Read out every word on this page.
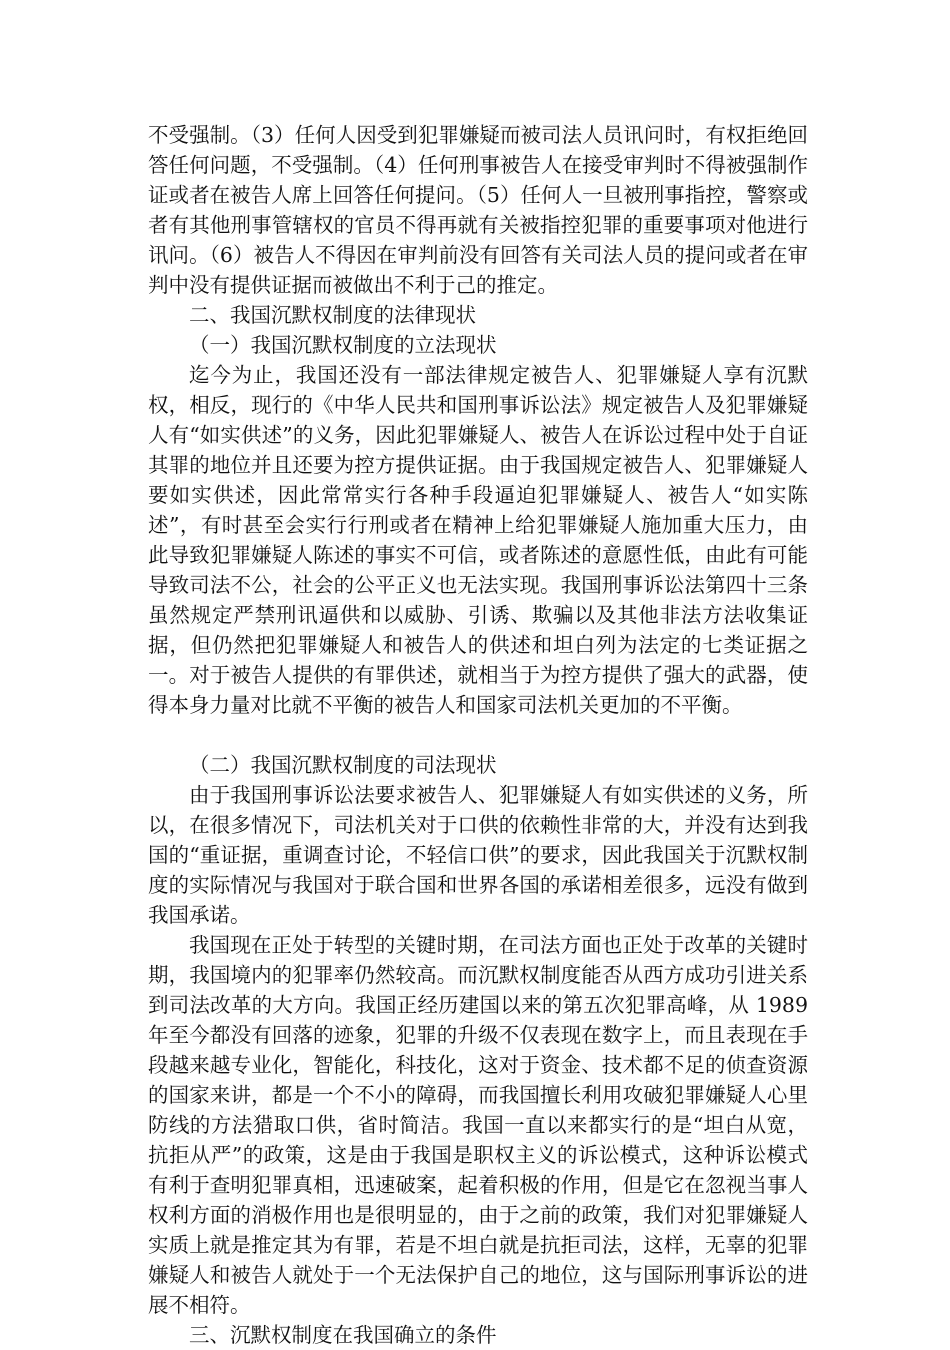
不受强制。（3）任何人因受到犯罪嫌疑而被司法人员讯问时，有权拒绝回答任何问题，不受强制。（4）任何刑事被告人在接受审判时不得被强制作证或者在被告人席上回答任何提问。（5）任何人一旦被刑事指控，警察或者有其他刑事管辖权的官员不得再就有关被指控犯罪的重要事项对他进行讯问。（6）被告人不得因在审判前没有回答有关司法人员的提问或者在审判中没有提供证据而被做出不利于己的推定。

二、我国沉默权制度的法律现状

（一）我国沉默权制度的立法现状

迄今为止，我国还没有一部法律规定被告人、犯罪嫌疑人享有沉默权，相反，现行的《中华人民共和国刑事诉讼法》规定被告人及犯罪嫌疑人有“如实供述”的义务，因此犯罪嫌疑人、被告人在诉讼过程中处于自证其罪的地位并且还要为控方提供证据。由于我国规定被告人、犯罪嫌疑人要如实供述，因此常常实行各种手段逼迫犯罪嫌疑人、被告人“如实陈述”，有时甚至会实行行刑或者在精神上给犯罪嫌疑人施加重大压力，由此导致犯罪嫌疑人陈述的事实不可信，或者陈述的意愿性低，由此有可能导致司法不公，社会的公平正义也无法实现。我国刑事诉讼法第四十三条虽然规定严禁刑讯逼供和以威胁、引诱、欺骗以及其他非法方法收集证据，但仍然把犯罪嫌疑人和被告人的供述和坦白列为法定的七类证据之一。对于被告人提供的有罪供述，就相当于为控方提供了强大的武器，使得本身力量对比就不平衡的被告人和国家司法机关更加的不平衡。

（二）我国沉默权制度的司法现状

由于我国刑事诉讼法要求被告人、犯罪嫌疑人有如实供述的义务，所以，在很多情况下，司法机关对于口供的依赖性非常的大，并没有达到我国的“重证据，重调查讨论，不轻信口供”的要求，因此我国关于沉默权制度的实际情况与我国对于联合国和世界各国的承诺相差很多，远没有做到我国承诺。

我国现在正处于转型的关键时期，在司法方面也正处于改革的关键时期，我国境内的犯罪率仍然较高。而沉默权制度能否从西方成功引进关系到司法改革的大方向。我国正经历建国以来的第五次犯罪高峰，从 1989 年至今都没有回落的迹象，犯罪的升级不仅表现在数字上，而且表现在手段越来越专业化，智能化，科技化，这对于资金、技术都不足的侦查资源的国家来讲，都是一个不小的障碍，而我国擅长利用攻破犯罪嫌疑人心里防线的方法猎取口供，省时简洁。我国一直以来都实行的是“坦白从宽，抗拒从严”的政策，这是由于我国是职权主义的诉讼模式，这种诉讼模式有利于查明犯罪真相，迅速破案，起着积极的作用，但是它在忽视当事人权利方面的消极作用也是很明显的，由于之前的政策，我们对犯罪嫌疑人实质上就是推定其为有罪，若是不坦白就是抗拒司法，这样，无辜的犯罪嫌疑人和被告人就处于一个无法保护自己的地位，这与国际刑事诉讼的进展不相符。

三、沉默权制度在我国确立的条件
